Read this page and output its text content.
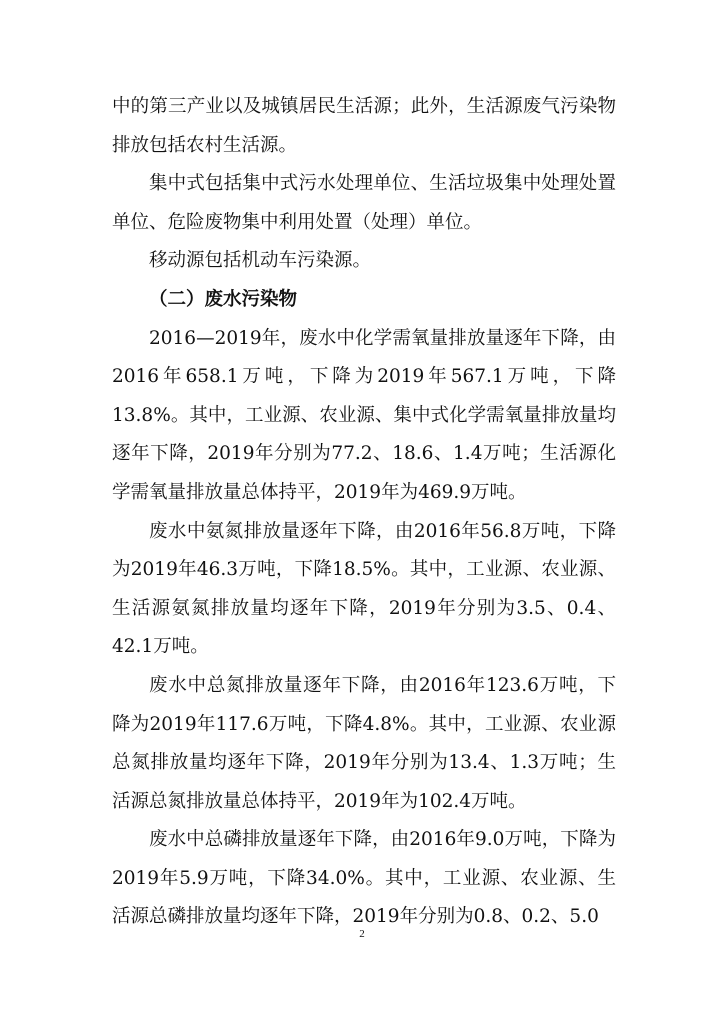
中的第三产业以及城镇居民生活源；此外，生活源废气污染物排放包括农村生活源。

集中式包括集中式污水处理单位、生活垃圾集中处理处置单位、危险废物集中利用处置（处理）单位。

移动源包括机动车污染源。

（二）废水污染物

2016—2019年，废水中化学需氧量排放量逐年下降，由2016年658.1万吨，下降为2019年567.1万吨，下降13.8%。其中，工业源、农业源、集中式化学需氧量排放量均逐年下降，2019年分别为77.2、18.6、1.4万吨；生活源化学需氧量排放量总体持平，2019年为469.9万吨。

废水中氨氮排放量逐年下降，由2016年56.8万吨，下降为2019年46.3万吨，下降18.5%。其中，工业源、农业源、生活源氨氮排放量均逐年下降，2019年分别为3.5、0.4、42.1万吨。

废水中总氮排放量逐年下降，由2016年123.6万吨，下降为2019年117.6万吨，下降4.8%。其中，工业源、农业源总氮排放量均逐年下降，2019年分别为13.4、1.3万吨；生活源总氮排放量总体持平，2019年为102.4万吨。

废水中总磷排放量逐年下降，由2016年9.0万吨，下降为2019年5.9万吨，下降34.0%。其中，工业源、农业源、生活源总磷排放量均逐年下降，2019年分别为0.8、0.2、5.0

2
